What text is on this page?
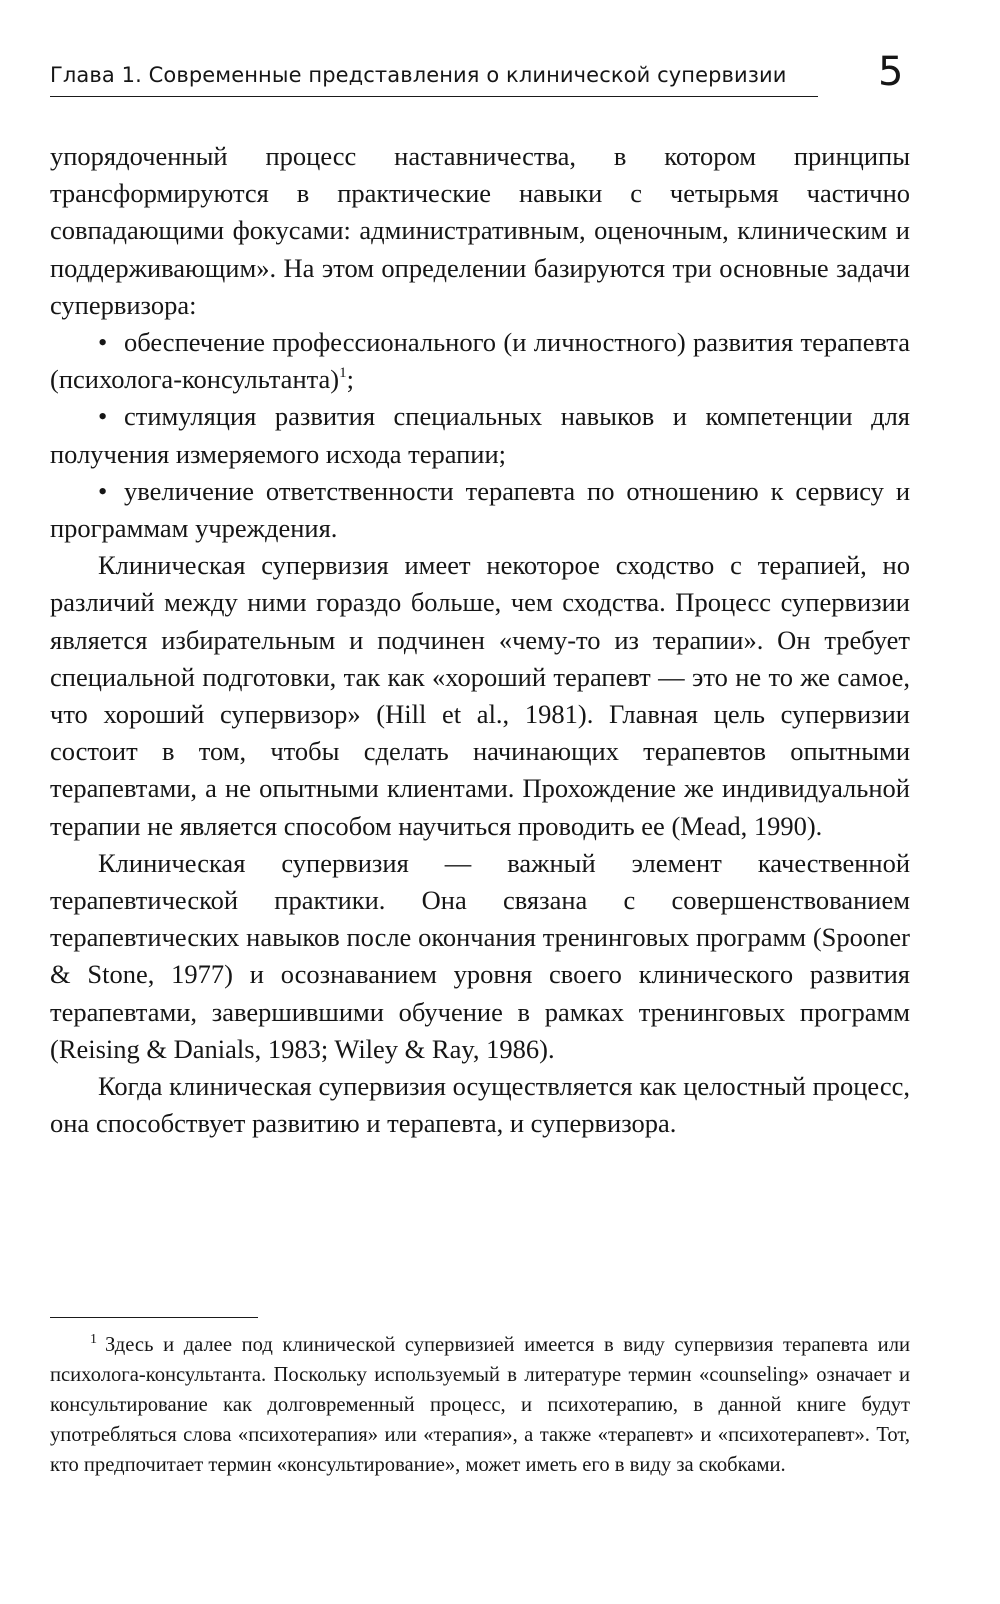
Глава 1. Современные представления о клинической супервизии 5

упорядоченный процесс наставничества, в котором принципы трансформируются в практические навыки с четырьмя частично совпадающими фокусами: административным, оценочным, клиническим и поддерживающим». На этом определении базируются три основные задачи супервизора:

• обеспечение профессионального (и личностного) развития терапевта (психолога-консультанта)$^1$;
• стимуляция развития специальных навыков и компетенции для получения измеряемого исхода терапии;
• увеличение ответственности терапевта по отношению к сервису и программам учреждения.

Клиническая супервизия имеет некоторое сходство с терапией, но различий между ними гораздо больше, чем сходства. Процесс супервизии является избирательным и подчинен «чему-то из терапии». Он требует специальной подготовки, так как «хороший терапевт — это не то же самое, что хороший супервизор» (Hill et al., 1981). Главная цель супервизии состоит в том, чтобы сделать начинающих терапевтов опытными терапевтами, а не опытными клиентами. Прохождение же индивидуальной терапии не является способом научиться проводить ее (Mead, 1990).

Клиническая супервизия — важный элемент качественной терапевтической практики. Она связана с совершенствованием терапевтических навыков после окончания тренинговых программ (Spooner & Stone, 1977) и осознаванием уровня своего клинического развития терапевтами, завершившими обучение в рамках тренинговых программ (Reising & Danials, 1983; Wiley & Ray, 1986).

Когда клиническая супервизия осуществляется как целостный процесс, она способствует развитию и терапевта, и супервизора.

$^1$ Здесь и далее под клинической супервизией имеется в виду супервизия терапевта или психолога-консультанта. Поскольку используемый в литературе термин «counseling» означает и консультирование как долговременный процесс, и психотерапию, в данной книге будут употребляться слова «психотерапия» или «терапия», а также «терапевт» и «психотерапевт». Тот, кто предпочитает термин «консультирование», может иметь его в виду за скобками.
